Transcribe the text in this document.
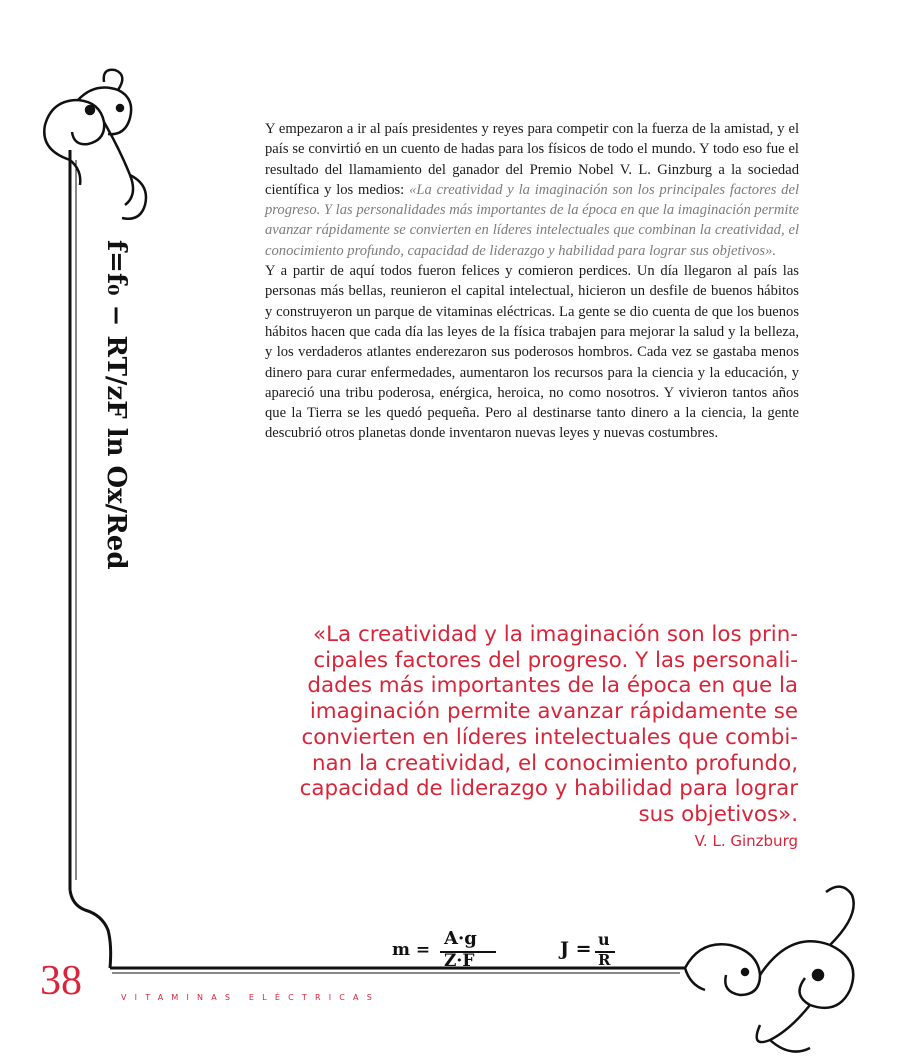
f=f₀ − RT/zF ln Ox/Red

Y empezaron a ir al país presidentes y reyes para competir con la fuerza de la amistad, y el país se convirtió en un cuento de hadas para los físicos de todo el mundo. Y todo eso fue el resultado del llamamiento del ganador del Premio Nobel V. L. Ginzburg a la sociedad científica y los medios: «La creatividad y la imaginación son los principales factores del progreso. Y las personalidades más importantes de la época en que la imaginación permite avanzar rápidamente se convierten en líderes intelectuales que combinan la creatividad, el conocimiento profundo, capacidad de liderazgo y habilidad para lograr sus objetivos».

Y a partir de aquí todos fueron felices y comieron perdices. Un día llegaron al país las personas más bellas, reunieron el capital intelectual, hicieron un desfile de buenos hábitos y construyeron un parque de vitaminas eléctricas. La gente se dio cuenta de que los buenos hábitos hacen que cada día las leyes de la física trabajen para mejorar la salud y la belleza, y los verdaderos atlantes enderezaron sus poderosos hombros. Cada vez se gastaba menos dinero para curar enfermedades, aumentaron los recursos para la ciencia y la educación, y apareció una tribu poderosa, enérgica, heroica, no como nosotros. Y vivieron tantos años que la Tierra se les quedó pequeña. Pero al destinarse tanto dinero a la ciencia, la gente descubrió otros planetas donde inventaron nuevas leyes y nuevas costumbres.

«La creatividad y la imaginación son los prin-
cipales factores del progreso. Y las personali-
dades más importantes de la época en que la
imaginación permite avanzar rápidamente se
convierten en líderes intelectuales que combi-
nan la creatividad, el conocimiento profundo,
capacidad de liderazgo y habilidad para lograr
sus objetivos».
V. L. Ginzburg
m =
A·g
Z·F
J = u
R
38	VITAMINAS ELÉCTRICAS
